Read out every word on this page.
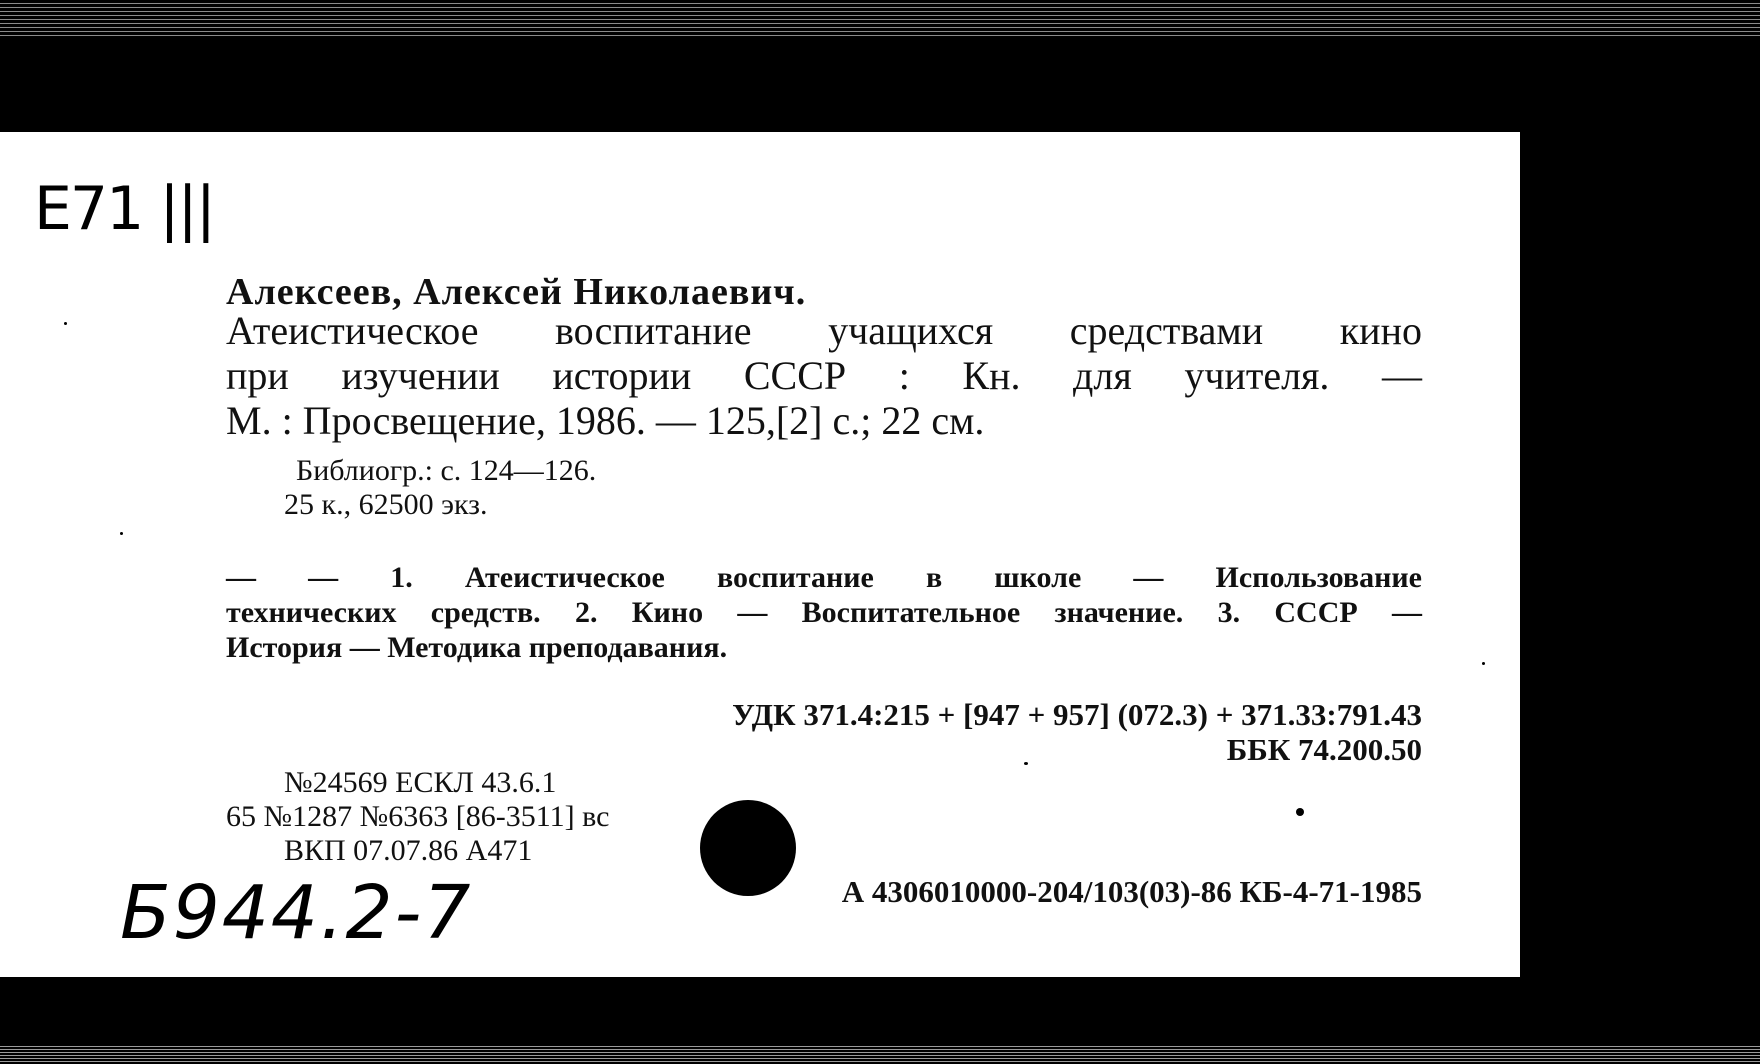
E71 |||
Алексеев, Алексей Николаевич.
Атеистическое воспитание учащихся средствами кино
при изучении истории СССР : Кн. для учителя. —
М. : Просвещение, 1986. — 125,[2] с.; 22 см.
Библиогр.: с. 124—126.
25 к., 62500 экз.
— — 1. Атеистическое воспитание в школе — Использование
технических средств. 2. Кино — Воспитательное значение. 3. СССР —
История — Методика преподавания.
УДК 371.4:215 + [947 + 957] (072.3) + 371.33:791.43
ББК 74.200.50
№24569 ЕСКЛ 43.6.1
65 №1287 №6363 [86-3511] вс
ВКП 07.07.86 А471
А 4306010000-204/103(03)-86 КБ-4-71-1985
Б944.2-7
